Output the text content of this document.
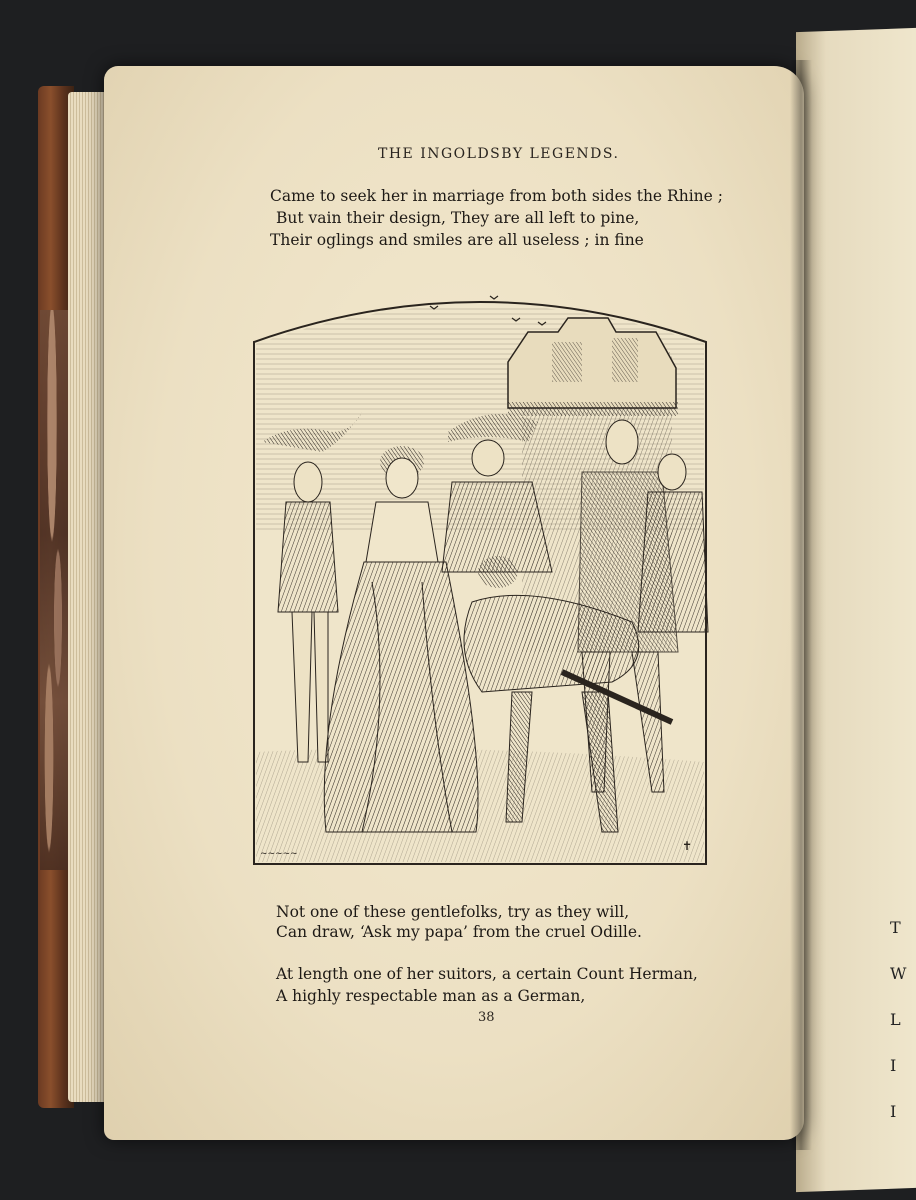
T
W
L
I
I
THE INGOLDSBY LEGENDS.
Came to seek her in marriage from both sides the Rhine ;
But vain their design, They are all left to pine,
Their oglings and smiles are all useless ; in fine
~~~~~
✝
Not one of these gentlefolks, try as they will,
Can draw, ‘Ask my papa’ from the cruel Odille.
At length one of her suitors, a certain Count Herman,
A highly respectable man as a German,
38
